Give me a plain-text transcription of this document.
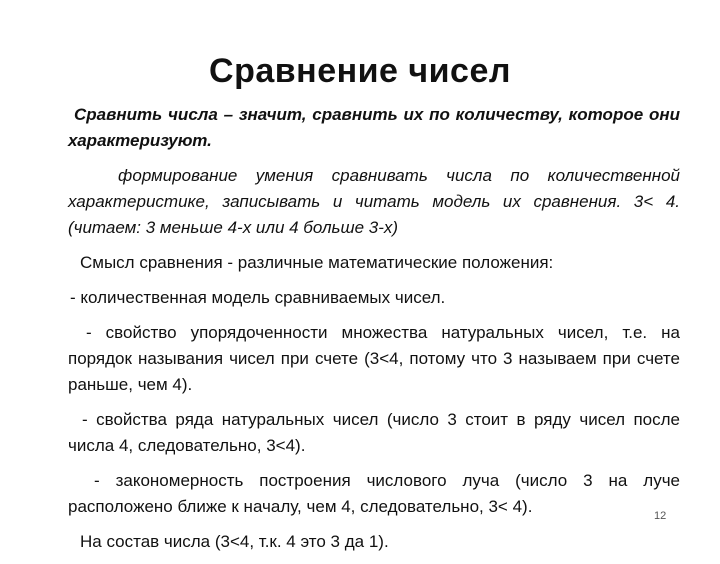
Сравнение чисел

Сравнить числа – значит, сравнить их по количеству, которое они характеризуют.

формирование умения сравнивать числа по количественной характеристике, записывать и читать модель их сравнения. 3< 4. (читаем: 3 меньше 4-х или 4 больше 3-х)

Смысл сравнения - различные математические положения:

- количественная модель сравниваемых чисел.

- свойство упорядоченности множества натуральных чисел, т.е. на порядок называния чисел при счете (3<4, потому что 3 называем при счете раньше, чем 4).

- свойства ряда натуральных чисел (число 3 стоит в ряду чисел после числа 4, следовательно, 3<4).

- закономерность построения числового луча (число 3 на луче расположено ближе к началу, чем 4, следовательно, 3< 4).

На состав числа (3<4, т.к. 4 это 3 да 1).

12
